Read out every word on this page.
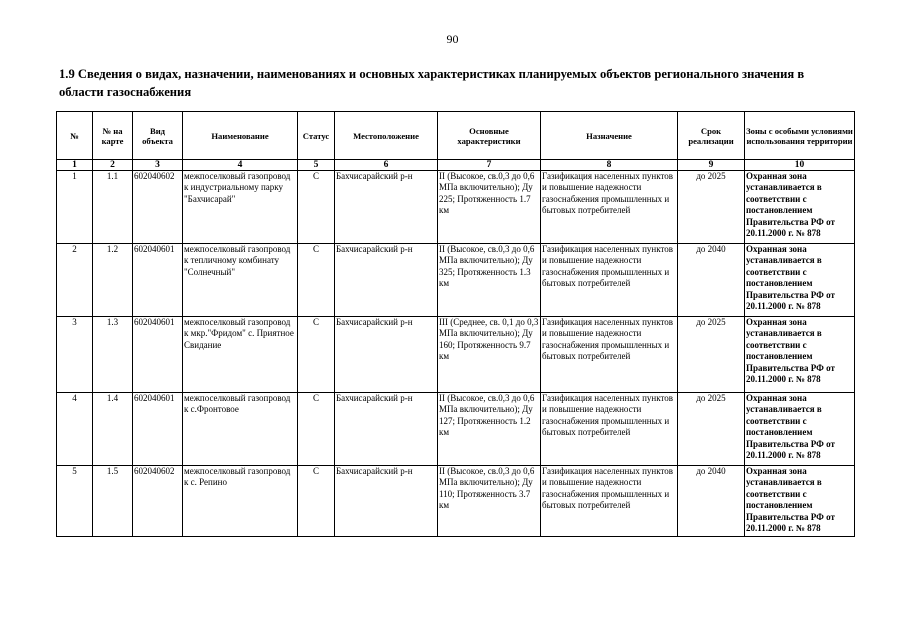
90
1.9 Сведения о видах, назначении, наименованиях и основных характеристиках планируемых объектов регионального значения в области газоснабжения
№	№ на карте	Вид объекта	Наименование	Статус	Местоположение	Основные характеристики	Назначение	Срок реализации	Зоны с особыми условиями использования территории
1	2	3	4	5	6	7	8	9	10
1	1.1	602040602	межпоселковый газопровод к индустриальному парку "Бахчисарай"	С	Бахчисарайский р-н	II (Высокое, св.0,3 до 0,6 МПа включительно); Ду 225; Протяженность 1.7 км	Газификация населенных пунктов и повышение надежности газоснабжения промышленных и бытовых потребителей	до 2025	Охранная зона устанавливается в соответствии с постановлением Правительства РФ от 20.11.2000 г. № 878
2	1.2	602040601	межпоселковый газопровод к тепличному комбинату "Солнечный"	С	Бахчисарайский р-н	II (Высокое, св.0,3 до 0,6 МПа включительно); Ду 325; Протяженность 1.3 км	Газификация населенных пунктов и повышение надежности газоснабжения промышленных и бытовых потребителей	до 2040	Охранная зона устанавливается в соответствии с постановлением Правительства РФ от 20.11.2000 г. № 878
3	1.3	602040601	межпоселковый газопровод к мкр."Фридом" с. Приятное Свидание	С	Бахчисарайский р-н	III (Среднее, св. 0,1 до 0,3 МПа включительно); Ду 160; Протяженность 9.7 км	Газификация населенных пунктов и повышение надежности газоснабжения промышленных и бытовых потребителей	до 2025	Охранная зона устанавливается в соответствии с постановлением Правительства РФ от 20.11.2000 г. № 878
4	1.4	602040601	межпоселковый газопровод к с.Фронтовое	С	Бахчисарайский р-н	II (Высокое, св.0,3 до 0,6 МПа включительно); Ду 127; Протяженность 1.2 км	Газификация населенных пунктов и повышение надежности газоснабжения промышленных и бытовых потребителей	до 2025	Охранная зона устанавливается в соответствии с постановлением Правительства РФ от 20.11.2000 г. № 878
5	1.5	602040602	межпоселковый газопровод к с. Репино	С	Бахчисарайский р-н	II (Высокое, св.0,3 до 0,6 МПа включительно); Ду 110; Протяженность 3.7 км	Газификация населенных пунктов и повышение надежности газоснабжения промышленных и бытовых потребителей	до 2040	Охранная зона устанавливается в соответствии с постановлением Правительства РФ от 20.11.2000 г. № 878
